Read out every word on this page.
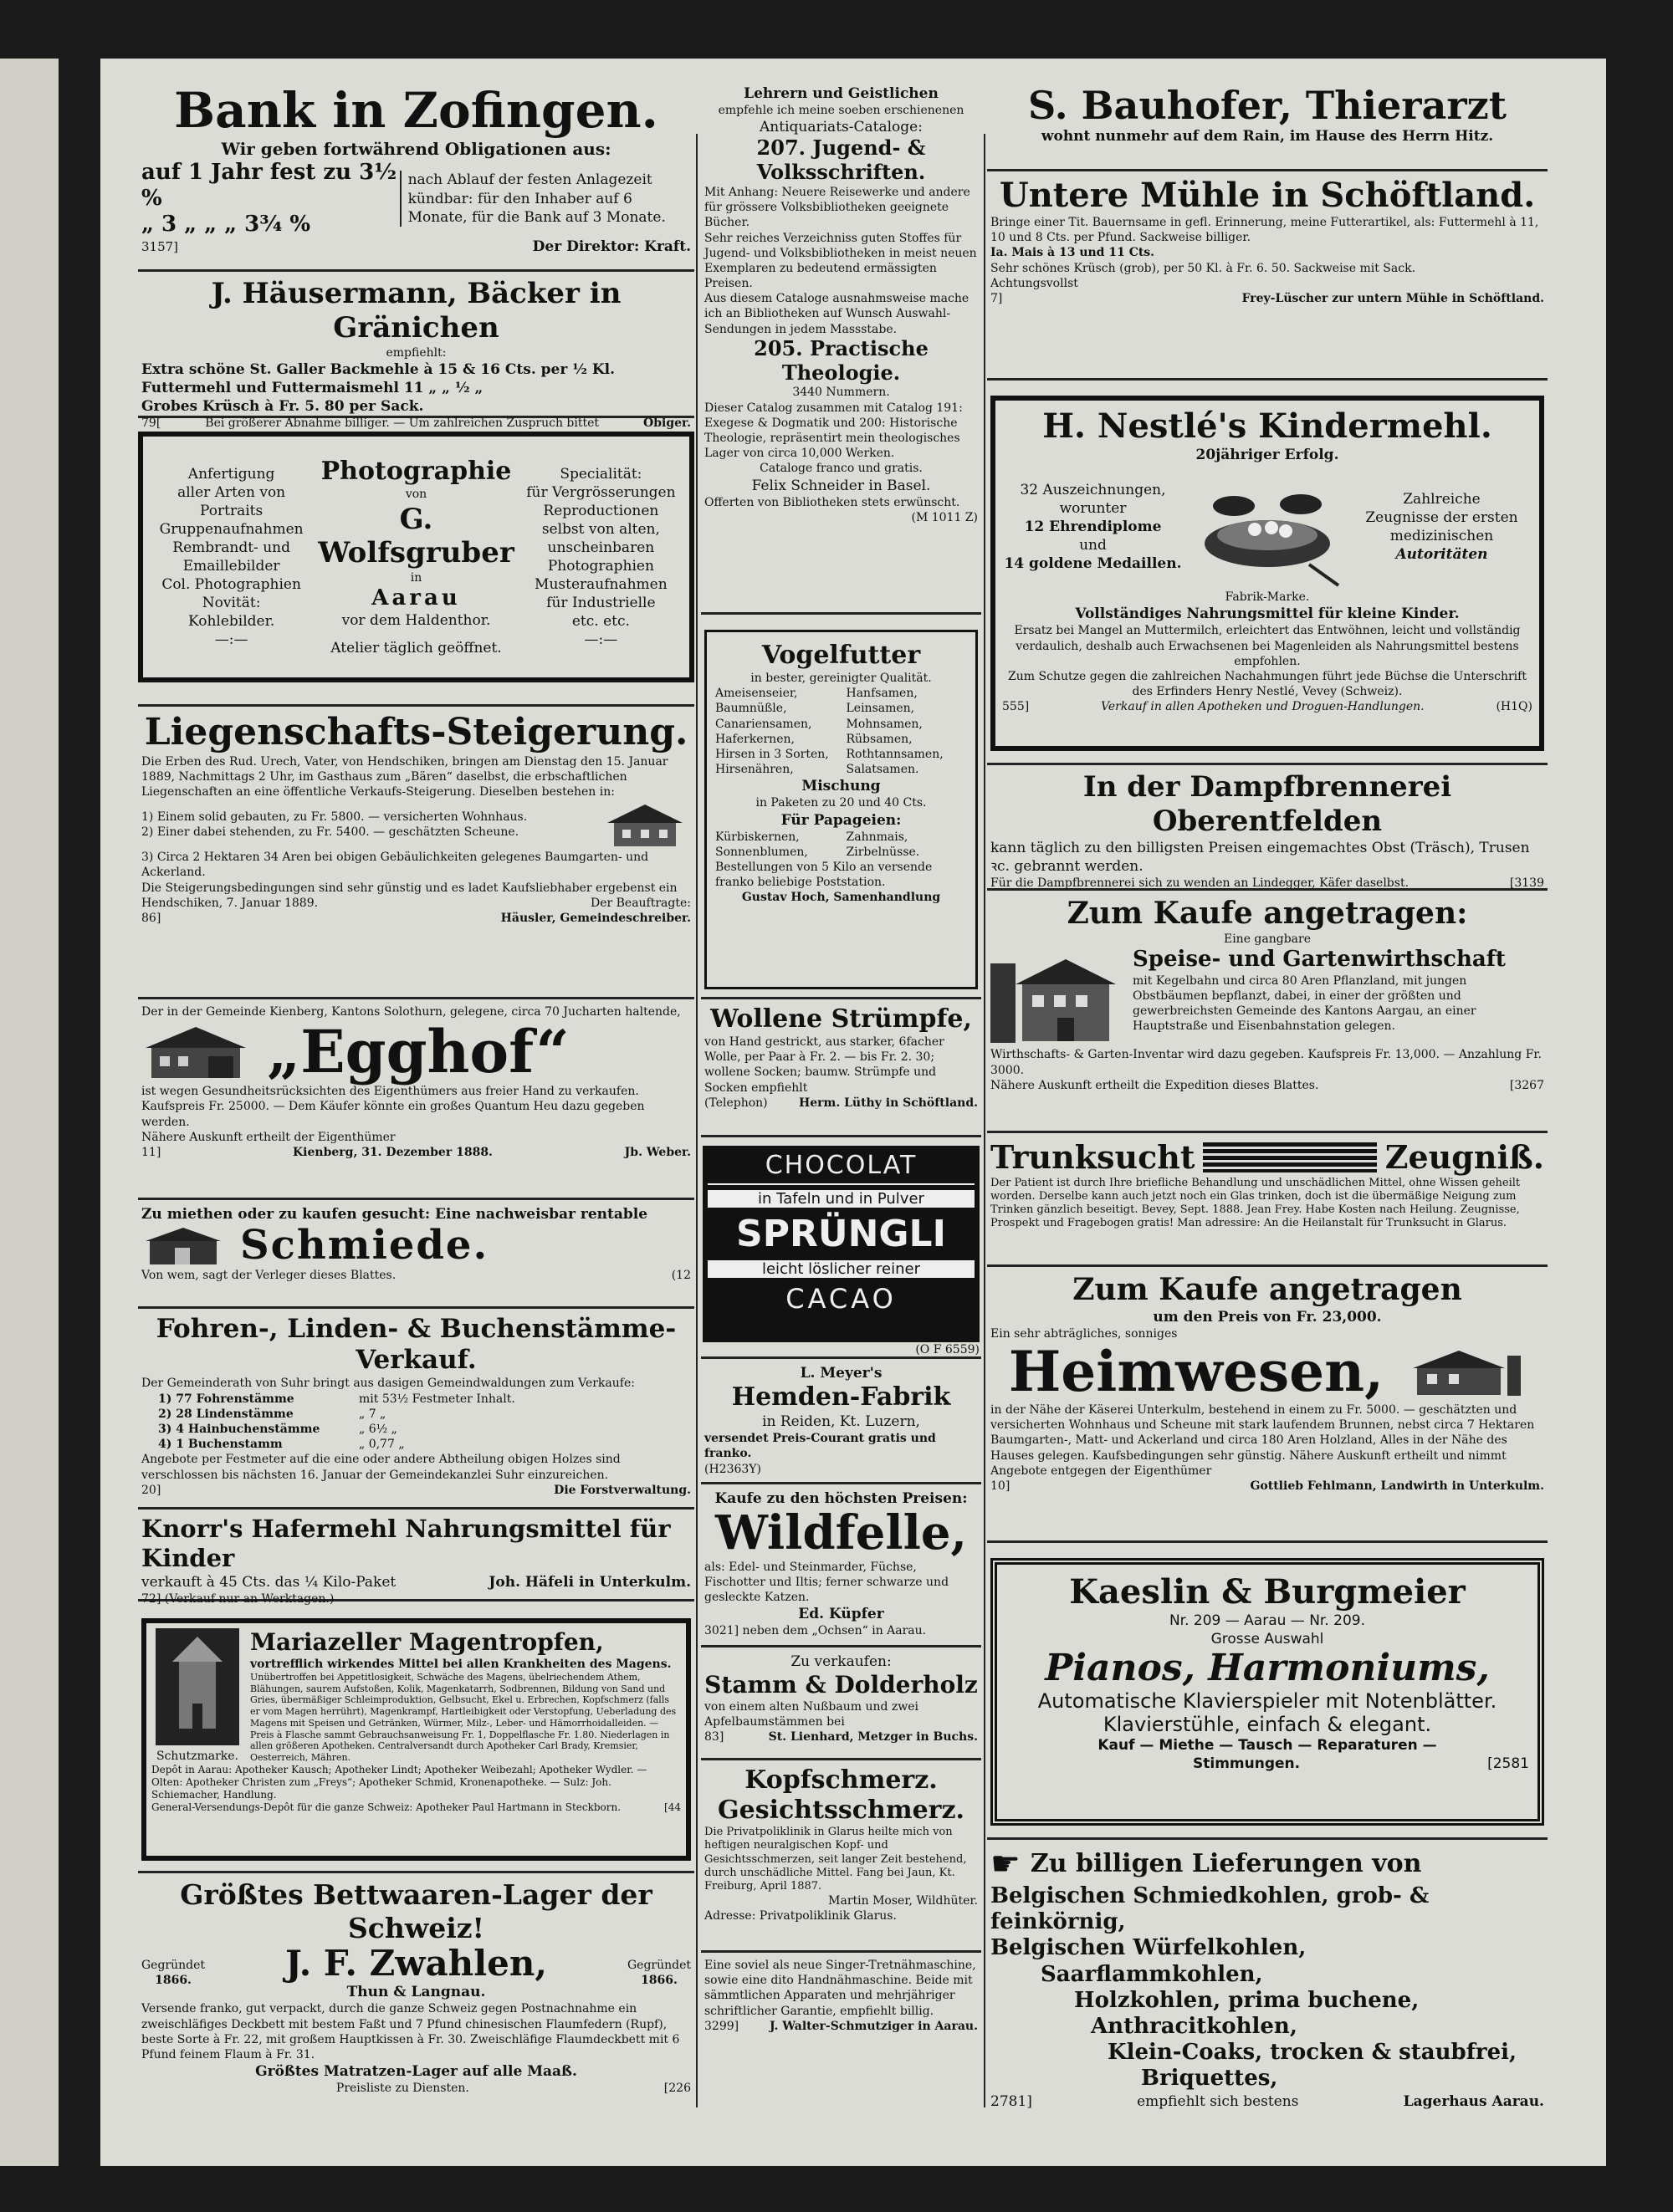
Bank in Zofingen.
Wir geben fortwährend Obligationen aus:
auf 1 Jahr fest zu 3½ %
„ 3 „ „ „ 3¾ %
nach Ablauf der festen Anlagezeit kündbar: für den Inhaber auf 6 Monate, für die Bank auf 3 Monate.
3157]	Der Direktor: Kraft.
J. Häusermann, Bäcker in Gränichen
empfiehlt:
Extra schöne St. Galler Backmehle à 15 & 16 Cts. per ½ Kl.
Futtermehl und Futtermaismehl 11 „ „ ½ „
Grobes Krüsch à Fr. 5. 80 per Sack.
79[	Bei größerer Abnahme billiger. — Um zahlreichen Zuspruch bittet	Obiger.
Anfertigung
aller Arten von
Portraits
Gruppenaufnahmen
Rembrandt- und
Emaillebilder
Col. Photographien
Novität:
Kohlebilder.
—:—
Photographie
von
G. Wolfsgruber
in
Aarau
vor dem Haldenthor.
Atelier täglich geöffnet.
Specialität:
für Vergrösserungen
Reproductionen
selbst von alten,
unscheinbaren
Photographien
Musteraufnahmen
für Industrielle
etc. etc.
—:—
Liegenschafts-Steigerung.
Die Erben des Rud. Urech, Vater, von Hendschiken, bringen am Dienstag den 15. Januar 1889, Nachmittags 2 Uhr, im Gasthaus zum „Bären“ daselbst, die erbschaftlichen Liegenschaften an eine öffentliche Verkaufs-Steigerung. Dieselben bestehen in:
1) Einem solid gebauten, zu Fr. 5800. — versicherten Wohnhaus.
2) Einer dabei stehenden, zu Fr. 5400. — geschätzten Scheune.
3) Circa 2 Hektaren 34 Aren bei obigen Gebäulichkeiten gelegenes Baumgarten- und Ackerland.
Die Steigerungsbedingungen sind sehr günstig und es ladet Kaufsliebhaber ergebenst ein
Hendschiken, 7. Januar 1889.	Der Beauftragte:
86]	Häusler, Gemeindeschreiber.
Der in der Gemeinde Kienberg, Kantons Solothurn, gelegene, circa 70 Jucharten haltende,
„Egghof“
ist wegen Gesundheitsrücksichten des Eigenthümers aus freier Hand zu verkaufen. Kaufspreis Fr. 25000. — Dem Käufer könnte ein großes Quantum Heu dazu gegeben werden.
Nähere Auskunft ertheilt der Eigenthümer
11]	Kienberg, 31. Dezember 1888.	Jb. Weber.
Zu miethen oder zu kaufen gesucht: Eine nachweisbar rentable
Schmiede.
Von wem, sagt der Verleger dieses Blattes.	(12
Fohren-, Linden- & Buchenstämme-Verkauf.
Der Gemeinderath von Suhr bringt aus dasigen Gemeindwaldungen zum Verkaufe:
1) 77 Fohrenstämme	mit 53½ Festmeter Inhalt.
2) 28 Lindenstämme	„ 7 „
3) 4 Hainbuchenstämme	„ 6½ „
4) 1 Buchenstamm	„ 0,77 „
Angebote per Festmeter auf die eine oder andere Abtheilung obigen Holzes sind verschlossen bis nächsten 16. Januar der Gemeindekanzlei Suhr einzureichen.
20]	Die Forstverwaltung.
Knorr's Hafermehl Nahrungsmittel für Kinder
verkauft à 45 Cts. das ¼ Kilo-Paket	Joh. Häfeli in Unterkulm.
72] (Verkauf nur an Werktagen.)
Schutzmarke.
Mariazeller Magentropfen,
vortrefflich wirkendes Mittel bei allen Krankheiten des Magens.
Unübertroffen bei Appetitlosigkeit, Schwäche des Magens, übelriechendem Athem, Blähungen, saurem Aufstoßen, Kolik, Magenkatarrh, Sodbrennen, Bildung von Sand und Gries, übermäßiger Schleimproduktion, Gelbsucht, Ekel u. Erbrechen, Kopfschmerz (falls er vom Magen herrührt), Magenkrampf, Hartleibigkeit oder Verstopfung, Ueberladung des Magens mit Speisen und Getränken, Würmer, Milz-, Leber- und Hämorrhoidalleiden. — Preis à Flasche sammt Gebrauchsanweisung Fr. 1, Doppelflasche Fr. 1.80. Niederlagen in allen größeren Apotheken. Centralversandt durch Apotheker Carl Brady, Kremsier, Oesterreich, Mähren.
Depôt in Aarau: Apotheker Kausch; Apotheker Lindt; Apotheker Weibezahl; Apotheker Wydler. — Olten: Apotheker Christen zum „Freys“; Apotheker Schmid, Kronenapotheke. — Sulz: Joh. Schiemacher, Handlung.
General-Versendungs-Depôt für die ganze Schweiz: Apotheker Paul Hartmann in Steckborn.	[44
Größtes Bettwaaren-Lager der Schweiz!
Gegründet
1866.	J. F. Zwahlen,
Thun & Langnau.
Gegründet
1866.
Versende franko, gut verpackt, durch die ganze Schweiz gegen Postnachnahme ein zweischläfiges Deckbett mit bestem Faßt und 7 Pfund chinesischen Flaumfedern (Rupf), beste Sorte à Fr. 22, mit großem Hauptkissen à Fr. 30. Zweischläfige Flaumdeckbett mit 6 Pfund feinem Flaum à Fr. 31.
Größtes Matratzen-Lager auf alle Maaß.
Preisliste zu Diensten.	[226
Lehrern und Geistlichen
empfehle ich meine soeben erschienenen
Antiquariats-Cataloge:
207. Jugend- & Volksschriften.
Mit Anhang: Neuere Reisewerke und andere für grössere Volksbibliotheken geeignete Bücher.
Sehr reiches Verzeichniss guten Stoffes für Jugend- und Volksbibliotheken in meist neuen Exemplaren zu bedeutend ermässigten Preisen.
Aus diesem Cataloge ausnahmsweise mache ich an Bibliotheken auf Wunsch Auswahl-Sendungen in jedem Massstabe.
205. Practische Theologie.
3440 Nummern.
Dieser Catalog zusammen mit Catalog 191: Exegese & Dogmatik und 200: Historische Theologie, repräsentirt mein theologisches Lager von circa 10,000 Werken.
Cataloge franco und gratis.
Felix Schneider in Basel.
Offerten von Bibliotheken stets erwünscht.
(M 1011 Z)
Vogelfutter
in bester, gereinigter Qualität.
Ameisenseier,	Hanfsamen,
Baumnüßle,	Leinsamen,
Canariensamen,	Mohnsamen,
Haferkernen,	Rübsamen,
Hirsen in 3 Sorten,	Rothtannsamen,
Hirsenähren,	Salatsamen.
Mischung
in Paketen zu 20 und 40 Cts.
Für Papageien:
Kürbiskernen,	Zahnmais,
Sonnenblumen,	Zirbelnüsse.
Bestellungen von 5 Kilo an versende franko beliebige Poststation.
Gustav Hoch, Samenhandlung
Wollene Strümpfe,
von Hand gestrickt, aus starker, 6facher Wolle, per Paar à Fr. 2. — bis Fr. 2. 30; wollene Socken; baumw. Strümpfe und Socken empfiehlt
(Telephon)	Herm. Lüthy in Schöftland.
CHOCOLAT
in Tafeln und in Pulver
SPRÜNGLI
leicht löslicher reiner
CACAO
(O F 6559)
L. Meyer's
Hemden-Fabrik
in Reiden, Kt. Luzern,
versendet Preis-Courant gratis und franko.
(H2363Y)
Kaufe zu den höchsten Preisen:
Wildfelle,
als: Edel- und Steinmarder, Füchse, Fischotter und Iltis; ferner schwarze und gesleckte Katzen.
Ed. Küpfer
3021] neben dem „Ochsen“ in Aarau.
Zu verkaufen:
Stamm & Dolderholz
von einem alten Nußbaum und zwei Apfelbaumstämmen bei
83]	St. Lienhard, Metzger in Buchs.
Kopfschmerz.
Gesichtsschmerz.
Die Privatpoliklinik in Glarus heilte mich von heftigen neuralgischen Kopf- und Gesichtsschmerzen, seit langer Zeit bestehend, durch unschädliche Mittel. Fang bei Jaun, Kt. Freiburg, April 1887.
Martin Moser, Wildhüter.
Adresse: Privatpoliklinik Glarus.
Eine soviel als neue Singer-Tretnähmaschine, sowie eine dito Handnähmaschine. Beide mit sämmtlichen Apparaten und mehrjähriger schriftlicher Garantie, empfiehlt billig.
3299]	J. Walter-Schmutziger in Aarau.
S. Bauhofer, Thierarzt
wohnt nunmehr auf dem Rain, im Hause des Herrn Hitz.
Untere Mühle in Schöftland.
Bringe einer Tit. Bauernsame in gefl. Erinnerung, meine Futterartikel, als: Futtermehl à 11, 10 und 8 Cts. per Pfund. Sackweise billiger.
Ia. Mais à 13 und 11 Cts.
Sehr schönes Krüsch (grob), per 50 Kl. à Fr. 6. 50. Sackweise mit Sack.
Achtungsvollst
7]	Frey-Lüscher zur untern Mühle in Schöftland.
H. Nestlé's Kindermehl.
20jähriger Erfolg.
32 Auszeichnungen,
worunter
12 Ehrendiplome
und
14 goldene Medaillen.
Zahlreiche
Zeugnisse der ersten
medizinischen
Autoritäten
Fabrik-Marke.
Vollständiges Nahrungsmittel für kleine Kinder.
Ersatz bei Mangel an Muttermilch, erleichtert das Entwöhnen, leicht und vollständig verdaulich, deshalb auch Erwachsenen bei Magenleiden als Nahrungsmittel bestens empfohlen.
Zum Schutze gegen die zahlreichen Nachahmungen führt jede Büchse die Unterschrift des Erfinders Henry Nestlé, Vevey (Schweiz).
555]	Verkauf in allen Apotheken und Droguen-Handlungen.	(H1Q)
In der Dampfbrennerei Oberentfelden
kann täglich zu den billigsten Preisen eingemachtes Obst (Träsch), Trusen ꝛc. gebrannt werden.
Für die Dampfbrennerei sich zu wenden an Lindegger, Käfer daselbst.	[3139
Zum Kaufe angetragen:
Eine gangbare
Speise- und Gartenwirthschaft
mit Kegelbahn und circa 80 Aren Pflanzland, mit jungen Obstbäumen bepflanzt, dabei, in einer der größten und gewerbreichsten Gemeinde des Kantons Aargau, an einer Hauptstraße und Eisenbahnstation gelegen.
Wirthschafts- & Garten-Inventar wird dazu gegeben. Kaufspreis Fr. 13,000. — Anzahlung Fr. 3000.
Nähere Auskunft ertheilt die Expedition dieses Blattes.	[3267
Trunksucht	Zeugniß.
Der Patient ist durch Ihre briefliche Behandlung und unschädlichen Mittel, ohne Wissen geheilt worden. Derselbe kann auch jetzt noch ein Glas trinken, doch ist die übermäßige Neigung zum Trinken gänzlich beseitigt. Bevey, Sept. 1888. Jean Frey. Habe Kosten nach Heilung. Zeugnisse, Prospekt und Fragebogen gratis! Man adressire: An die Heilanstalt für Trunksucht in Glarus.
Zum Kaufe angetragen
um den Preis von Fr. 23,000.
Ein sehr abträgliches, sonniges
Heimwesen,
in der Nähe der Käserei Unterkulm, bestehend in einem zu Fr. 5000. — geschätzten und versicherten Wohnhaus und Scheune mit stark laufendem Brunnen, nebst circa 7 Hektaren Baumgarten-, Matt- und Ackerland und circa 180 Aren Holzland, Alles in der Nähe des Hauses gelegen. Kaufsbedingungen sehr günstig. Nähere Auskunft ertheilt und nimmt Angebote entgegen der Eigenthümer
10]	Gottlieb Fehlmann, Landwirth in Unterkulm.
Kaeslin & Burgmeier
Nr. 209 — Aarau — Nr. 209.
Grosse Auswahl
Pianos, Harmoniums,
Automatische Klavierspieler mit Notenblätter.
Klavierstühle, einfach & elegant.
Kauf — Miethe — Tausch — Reparaturen —
Stimmungen.	[2581
☛ Zu billigen Lieferungen von
Belgischen Schmiedkohlen, grob- & feinkörnig,
Belgischen Würfelkohlen,
Saarflammkohlen,
Holzkohlen, prima buchene,
Anthracitkohlen,
Klein-Coaks, trocken & staubfrei,
Briquettes,
2781]	empfiehlt sich bestens	Lagerhaus Aarau.
